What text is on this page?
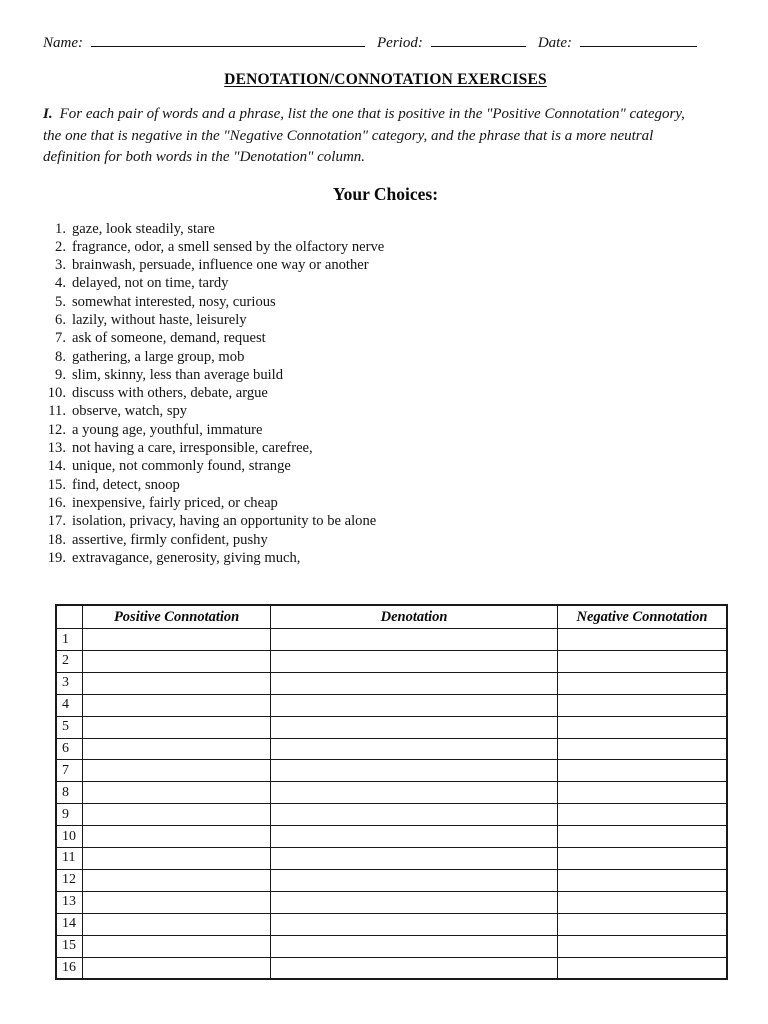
Name:	Period:	Date:
DENOTATION/CONNOTATION EXERCISES

I. For each pair of words and a phrase, list the one that is positive in the "Positive Connotation" category,
the one that is negative in the "Negative Connotation" category, and the phrase that is a more neutral
definition for both words in the "Denotation" column.

Your Choices:
1. gaze, look steadily, stare
2. fragrance, odor, a smell sensed by the olfactory nerve
3. brainwash, persuade, influence one way or another
4. delayed, not on time, tardy
5. somewhat interested, nosy, curious
6. lazily, without haste, leisurely
7. ask of someone, demand, request
8. gathering, a large group, mob
9. slim, skinny, less than average build
10. discuss with others, debate, argue
11. observe, watch, spy
12. a young age, youthful, immature
13. not having a care, irresponsible, carefree,
14. unique, not commonly found, strange
15. find, detect, snoop
16. inexpensive, fairly priced, or cheap
17. isolation, privacy, having an opportunity to be alone
18. assertive, firmly confident, pushy
19. extravagance, generosity, giving much,
	Positive Connotation	Denotation	Negative Connotation
1			
2			
3			
4			
5			
6			
7			
8			
9			
10			
11			
12			
13			
14			
15			
16			
